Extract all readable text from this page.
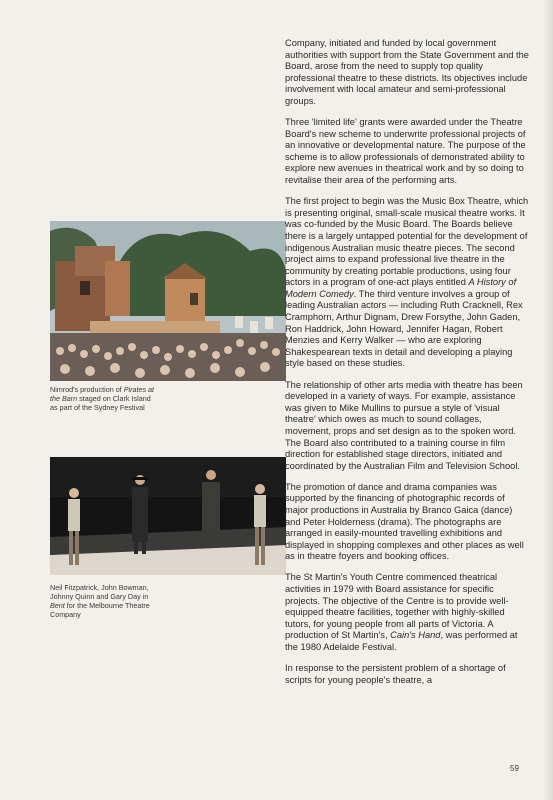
Nimrod's production of Pirates at the Barn staged on Clark Island as part of the Sydney Festival
Neil Fitzpatrick, John Bowman, Johnny Quinn and Gary Day in Bent for the Melbourne Theatre Company

Company, initiated and funded by local government authorities with support from the State Government and the Board, arose from the need to supply top quality professional theatre to these districts. Its objectives include involvement with local amateur and semi-professional groups.

Three 'limited life' grants were awarded under the Theatre Board's new scheme to underwrite professional projects of an innovative or developmental nature. The purpose of the scheme is to allow professionals of demonstrated ability to explore new avenues in theatrical work and by so doing to revitalise their area of the performing arts.

The first project to begin was the Music Box Theatre, which is presenting original, small-scale musical theatre works. It was co-funded by the Music Board. The Boards believe there is a largely untapped potential for the development of indigenous Australian music theatre pieces. The second project aims to expand professional live theatre in the community by creating portable productions, using four actors in a program of one-act plays entitled A History of Modern Comedy. The third venture involves a group of leading Australian actors — including Ruth Cracknell, Rex Cramphorn, Arthur Dignam, Drew Forsythe, John Gaden, Ron Haddrick, John Howard, Jennifer Hagan, Robert Menzies and Kerry Walker — who are exploring Shakespearean texts in detail and developing a playing style based on these studies.

The relationship of other arts media with theatre has been developed in a variety of ways. For example, assistance was given to Mike Mullins to pursue a style of 'visual theatre' which owes as much to sound collages, movement, props and set design as to the spoken word. The Board also contributed to a training course in film direction for established stage directors, initiated and coordinated by the Australian Film and Television School.

The promotion of dance and drama companies was supported by the financing of photographic records of major productions in Australia by Branco Gaica (dance) and Peter Holderness (drama). The photographs are arranged in easily-mounted travelling exhibitions and displayed in shopping complexes and other places as well as in theatre foyers and booking offices.

The St Martin's Youth Centre commenced theatrical activities in 1979 with Board assistance for specific projects. The objective of the Centre is to provide well-equipped theatre facilities, together with highly-skilled tutors, for young people from all parts of Victoria. A production of St Martin's, Cain's Hand, was performed at the 1980 Adelaide Festival.

In response to the persistent problem of a shortage of scripts for young people's theatre, a

59
